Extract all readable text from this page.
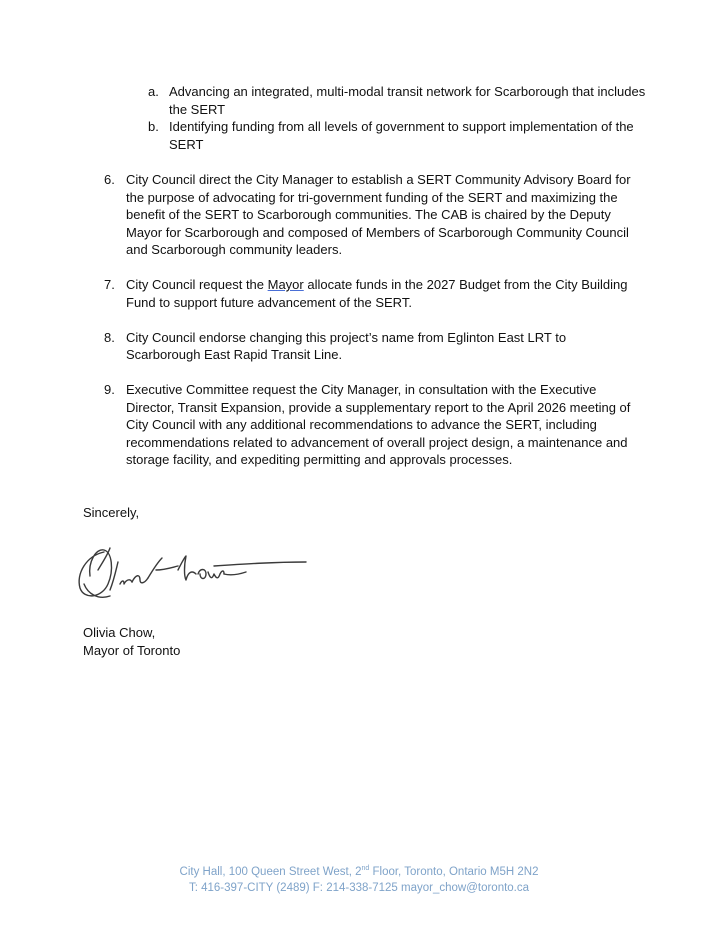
a. Advancing an integrated, multi-modal transit network for Scarborough that includes the SERT
b. Identifying funding from all levels of government to support implementation of the SERT
6. City Council direct the City Manager to establish a SERT Community Advisory Board for the purpose of advocating for tri-government funding of the SERT and maximizing the benefit of the SERT to Scarborough communities. The CAB is chaired by the Deputy Mayor for Scarborough and composed of Members of Scarborough Community Council and Scarborough community leaders.
7. City Council request the Mayor allocate funds in the 2027 Budget from the City Building Fund to support future advancement of the SERT.
8. City Council endorse changing this project’s name from Eglinton East LRT to Scarborough East Rapid Transit Line.
9. Executive Committee request the City Manager, in consultation with the Executive Director, Transit Expansion, provide a supplementary report to the April 2026 meeting of City Council with any additional recommendations to advance the SERT, including recommendations related to advancement of overall project design, a maintenance and storage facility, and expediting permitting and approvals processes.
Sincerely,
Olivia Chow,
Mayor of Toronto
City Hall, 100 Queen Street West, 2nd Floor, Toronto, Ontario M5H 2N2
T: 416-397-CITY (2489) F: 214-338-7125 mayor_chow@toronto.ca
